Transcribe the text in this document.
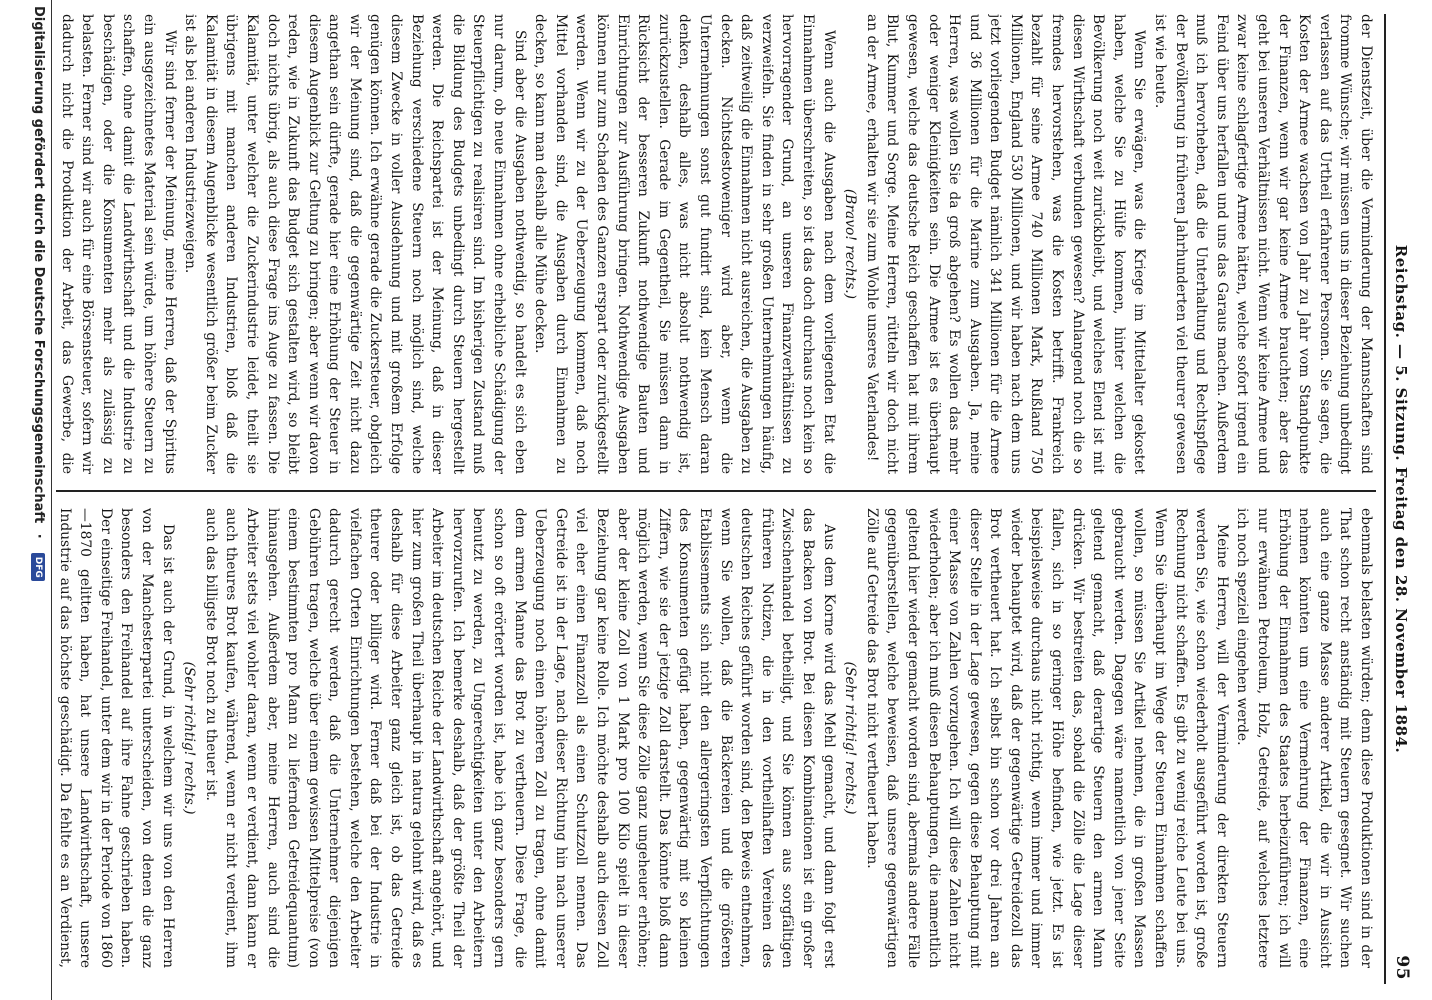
Reichstag. — 5. Sitzung. Freitag den 28. November 1884.
95

der Dienstzeit, über die Verminderung der Mannschaften sind fromme Wünsche; wir müssen uns in dieser Beziehung unbedingt verlassen auf das Urtheil erfahrener Personen. Sie sagen, die Kosten der Armee wachsen von Jahr zu Jahr vom Standpunkte der Finanzen, wenn wir gar keine Armee brauchten; aber das geht bei unseren Verhältnissen nicht. Wenn wir keine Armee und zwar keine schlagfertige Armee hätten, welche sofort irgend ein Feind über uns herfallen und uns das Garaus machen. Außerdem muß ich hervorheben, daß die Unterhaltung und Rechtspflege der Bevölkerung in früheren Jahrhunderten viel theurer gewesen ist wie heute.

Wenn Sie erwägen, was die Kriege im Mittelalter gekostet haben, welche Sie zu Hülfe kommen, hinter welchen die Bevölkerung noch weit zurückbleibt, und welches Elend ist mit diesen Wirthschaft verbunden gewesen? Anlangend noch die so fremdes hervorstehen, was die Kosten betrifft. Frankreich bezahlt für seine Armee 740 Millionen Mark, Rußland 750 Millionen, England 530 Millionen, und wir haben nach dem uns jetzt vorliegenden Budget nämlich 341 Millionen für die Armee und 36 Millionen für die Marine zum Ausgaben. Ja, meine Herren, was wollen Sie da groß abgehen? Es wollen das mehr oder weniger Kleinigkeiten sein. Die Armee ist es überhaupt gewesen, welche das deutsche Reich geschaffen hat mit ihrem Blut, Kummer und Sorge. Meine Herren, rütteln wir doch nicht an der Armee, erhalten wir sie zum Wohle unseres Vaterlandes!

(Bravo! rechts.)

Wenn auch die Ausgaben nach dem vorliegenden Etat die Einnahmen überschreiten, so ist das doch durchaus noch kein so hervorragender Grund, an unseren Finanzverhältnissen zu verzweifeln. Sie finden in sehr großen Unternehmungen häufig, daß zeitweilig die Einnahmen nicht ausreichen, die Ausgaben zu decken. Nichtsdestoweniger wird aber, wenn die Unternehmungen sonst gut fundirt sind, kein Mensch daran denken, deshalb alles, was nicht absolut nothwendig ist, zurückzustellen. Gerade im Gegentheil, Sie müssen dann in Rücksicht der besseren Zukunft nothwendige Bauten und Einrichtungen zur Ausführung bringen. Nothwendige Ausgaben können nur zum Schaden des Ganzen erspart oder zurückgestellt werden. Wenn wir zu der Ueberzeugung kommen, daß noch Mittel vorhanden sind, die Ausgaben durch Einnahmen zu decken, so kann man deshalb alle Mühe decken.

Sind aber die Ausgaben nothwendig, so handelt es sich eben nur darum, ob neue Einnahmen ohne erhebliche Schädigung der Steuerpflichtigen zu realisiren sind. Im bisherigen Zustand muß die Bildung des Budgets unbedingt durch Steuern hergestellt werden. Die Reichspartei ist der Meinung, daß in dieser Beziehung verschiedene Steuern noch möglich sind, welche diesem Zwecke in voller Ausdehnung und mit großem Erfolge genügen können. Ich erwähne gerade die Zuckersteuer, obgleich wir der Meinung sind, daß die gegenwärtige Zeit nicht dazu angethan sein dürfte, gerade hier eine Erhöhung der Steuer in diesem Augenblick zur Geltung zu bringen; aber wenn wir davon reden, wie in Zukunft das Budget sich gestalten wird, so bleibt doch nichts übrig, als auch diese Frage ins Auge zu fassen. Die Kalamität, unter welcher die Zuckerindustrie leidet, theilt sie übrigens mit manchen anderen Industrien, bloß daß die Kalamität in diesem Augenblicke wesentlich größer beim Zucker ist als bei anderen Industriezweigen.

Wir sind ferner der Meinung, meine Herren, daß der Spiritus ein ausgezeichnetes Material sein würde, um höhere Steuern zu schaffen, ohne damit die Landwirthschaft und die Industrie zu beschädigen, oder die Konsumenten mehr als zulässig zu belasten. Ferner sind wir auch für eine Börsensteuer, sofern wir dadurch nicht die Produktion der Arbeit, das Gewerbe, die

ebenmals belasten würden; denn diese Produktionen sind in der That schon recht anständig mit Steuern gesegnet. Wir suchen auch eine ganze Masse anderer Artikel, die wir in Aussicht nehmen könnten um eine Vermehrung der Finanzen, eine Erhöhung der Einnahmen des Staates herbeizuführen; ich will nur erwähnen Petroleum, Holz, Getreide, auf welches letztere ich noch speziell eingehen werde.

Meine Herren, will der Verminderung der direkten Steuern werden Sie, wie schon wiederholt ausgeführt worden ist, große Rechnung nicht schaffen. Es gibt zu wenig reiche Leute bei uns. Wenn Sie überhaupt im Wege der Steuern Einnahmen schaffen wollen, so müssen Sie Artikel nehmen, die in großen Massen gebraucht werden. Dagegen wäre namentlich von jener Seite geltend gemacht, daß derartige Steuern den armen Mann drücken. Wir bestreiten das, sobald die Zölle die Lage dieser fallen, sich in so geringer Höhe befinden, wie jetzt. Es ist beispielsweise durchaus nicht richtig, wenn immer und immer wieder behauptet wird, daß der gegenwärtige Getreidezoll das Brot vertheuert hat. Ich selbst bin schon vor drei Jahren an dieser Stelle in der Lage gewesen, gegen diese Behauptung mit einer Masse von Zahlen vorzugehen. Ich will diese Zahlen nicht wiederholen; aber ich muß diesen Behauptungen, die namentlich geltend hier wieder gemacht worden sind, abermals andere Fälle gegenüberstellen, welche beweisen, daß unsere gegenwärtigen Zölle auf Getreide das Brot nicht vertheuert haben.

(Sehr richtig! rechts.)

Aus dem Korne wird das Mehl gemacht, und dann folgt erst das Backen von Brot. Bei diesen Kombinationen ist ein großer Zwischenhandel betheiligt, und Sie können aus sorgfältigen früheren Notizen, die in den vortheilhaften Vereinen des deutschen Reiches geführt worden sind, den Beweis entnehmen, wenn Sie wollen, daß die Bäckereien und die größeren Etablissements sich nicht den allergeringsten Verpflichtungen des Konsumenten gefügt haben, gegenwärtig mit so kleinen Ziffern, wie sie der jetzige Zoll darstellt. Das könnte bloß dann möglich werden, wenn Sie diese Zölle ganz ungeheuer erhöhen; aber der kleine Zoll von 1 Mark pro 100 Kilo spielt in dieser Beziehung gar keine Rolle. Ich möchte deshalb auch diesen Zoll viel eher einen Finanzzoll als einen Schutzzoll nennen. Das Getreide ist in der Lage, nach dieser Richtung hin nach unserer Ueberzeugung noch einen höheren Zoll zu tragen, ohne damit dem armen Manne das Brot zu vertheuern. Diese Frage, die schon so oft erörtert worden ist, habe ich ganz besonders gern benutzt zu werden, zu Ungerechtigkeiten unter den Arbeitern hervorzurufen. Ich bemerke deshalb, daß der größte Theil der Arbeiter im deutschen Reiche der Landwirthschaft angehört, und hier zum großen Theil überhaupt in natura gelohnt wird, daß es deshalb für diese Arbeiter ganz gleich ist, ob das Getreide theurer oder billiger wird. Ferner daß bei der Industrie in vielfachen Orten Einrichtungen bestehen, welche den Arbeiter dadurch gerecht werden, daß die Unternehmer diejenigen Gebühren tragen, welche über einem gewissen Mittelpreise (von einem bestimmten pro Mann zu liefernden Getreidequantum) hinausgehen. Außerdem aber, meine Herren, auch sind die Arbeiter stets viel wohler daran, wenn er verdient, dann kann er auch theures Brot kaufen, während, wenn er nicht verdient, ihm auch das billigste Brot noch zu theuer ist.

(Sehr richtig! rechts.)

Das ist auch der Grund, in welchem wir uns von den Herren von der Manchesterpartei unterscheiden, von denen die ganz besonders den Freihandel auf ihre Fahne geschrieben haben. Der einseitige Freihandel, unter dem wir in der Periode von 1860—1870 gelitten haben, hat unsere Landwirthschaft, unsere Industrie auf das höchste geschädigt. Da fehlte es an Verdienst,

Digitalisierung gefördert durch die Deutsche Forschungsgemeinschaft · DFG
